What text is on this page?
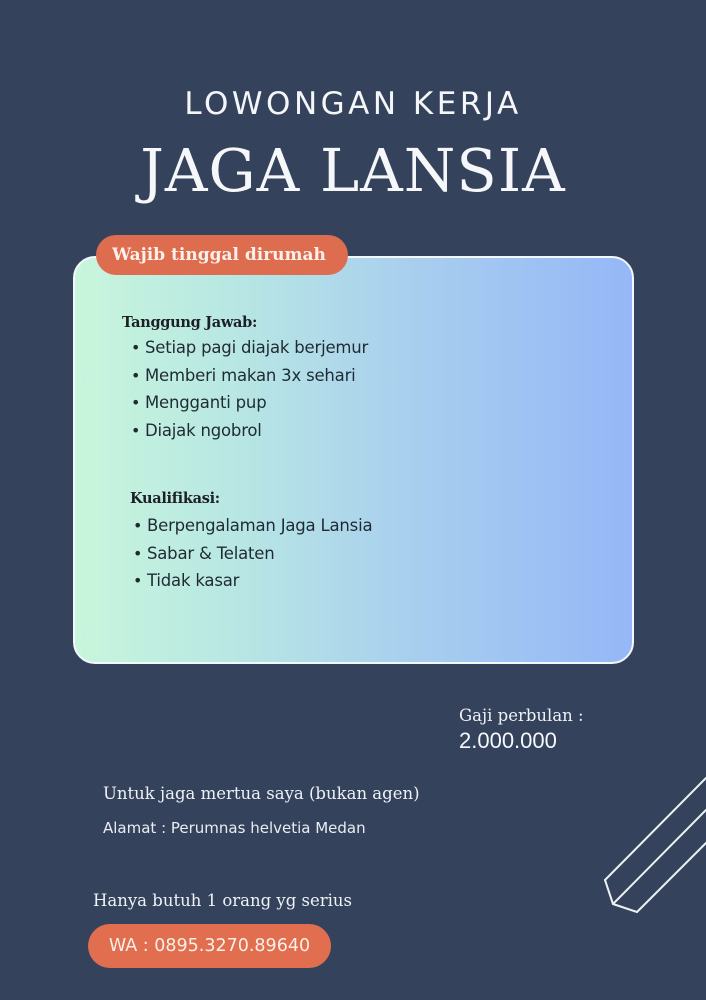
LOWONGAN KERJA
JAGA LANSIA
Wajib tinggal dirumah
Tanggung Jawab:
• Setiap pagi diajak berjemur
• Memberi makan 3x sehari
• Mengganti pup
• Diajak ngobrol
Kualifikasi:
• Berpengalaman Jaga Lansia
• Sabar & Telaten
• Tidak kasar
Gaji perbulan :
2.000.000
Untuk jaga mertua saya (bukan agen)
Alamat : Perumnas helvetia Medan
Hanya butuh 1 orang yg serius
WA : 0895.3270.89640
